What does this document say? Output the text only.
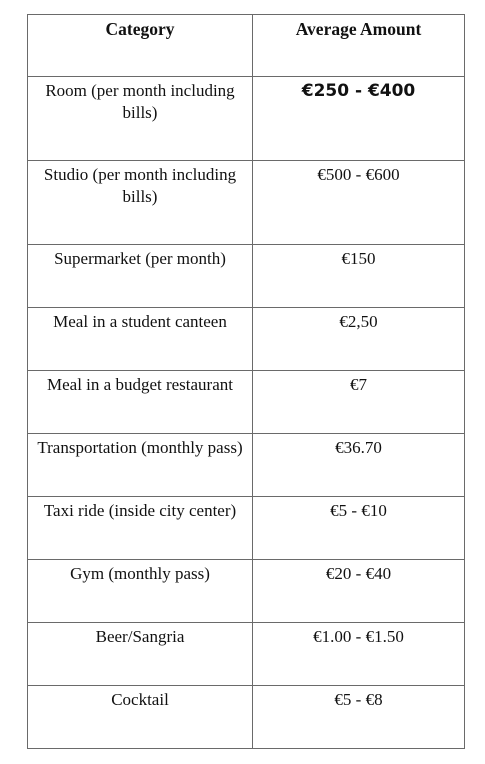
Category	Average Amount
Room (per month including bills)	€250 - €400
Studio (per month including bills)	€500 - €600
Supermarket (per month)	€150
Meal in a student canteen	€2,50
Meal in a budget restaurant	€7
Transportation (monthly pass)	€36.70
Taxi ride (inside city center)	€5 - €10
Gym (monthly pass)	€20 - €40
Beer/Sangria	€1.00 - €1.50
Cocktail	€5 - €8
